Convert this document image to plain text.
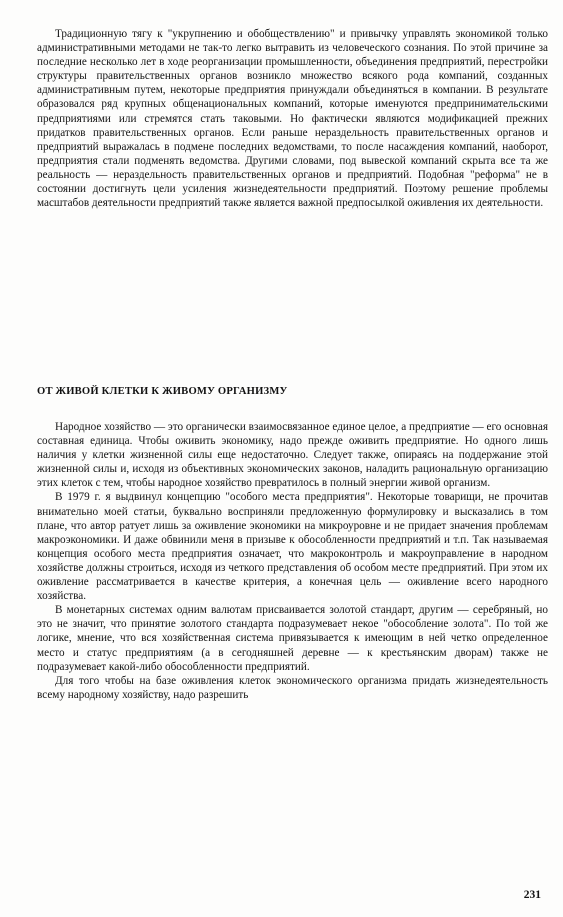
Традиционную тягу к "укрупнению и обобществлению" и привычку управлять экономикой только административными методами не так-то легко вытравить из человеческого сознания. По этой причине за последние несколько лет в ходе реорганизации промышленности, объединения предприятий, перестройки структуры правительственных органов возникло множество всякого рода компаний, созданных административным путем, некоторые предприятия принуждали объединяться в компании. В результате образовался ряд крупных общенациональных компаний, которые именуются предпринимательскими предприятиями или стремятся стать таковыми. Но фактически являются модификацией прежних придатков правительственных органов. Если раньше нераздельность правительственных органов и предприятий выражалась в подмене последних ведомствами, то после насаждения компаний, наоборот, предприятия стали подменять ведомства. Другими словами, под вывеской компаний скрыта все та же реальность — нераздельность правительственных органов и предприятий. Подобная "реформа" не в состоянии достигнуть цели усиления жизнедеятельности предприятий. Поэтому решение проблемы масштабов деятельности предприятий также является важной предпосылкой оживления их деятельности.

ОТ ЖИВОЙ КЛЕТКИ К ЖИВОМУ ОРГАНИЗМУ

Народное хозяйство — это органически взаимосвязанное единое целое, а предприятие — его основная составная единица. Чтобы оживить экономику, надо прежде оживить предприятие. Но одного лишь наличия у клетки жизненной силы еще недостаточно. Следует также, опираясь на поддержание этой жизненной силы и, исходя из объективных экономических законов, наладить рациональную организацию этих клеток с тем, чтобы народное хозяйство превратилось в полный энергии живой организм.

В 1979 г. я выдвинул концепцию "особого места предприятия". Некоторые товарищи, не прочитав внимательно моей статьи, буквально восприняли предложенную формулировку и высказались в том плане, что автор ратует лишь за оживление экономики на микроуровне и не придает значения проблемам макроэкономики. И даже обвинили меня в призыве к обособленности предприятий и т.п. Так называемая концепция особого места предприятия означает, что макроконтроль и макроуправление в народном хозяйстве должны строиться, исходя из четкого представления об особом месте предприятий. При этом их оживление рассматривается в качестве критерия, а конечная цель — оживление всего народного хозяйства.

В монетарных системах одним валютам присваивается золотой стандарт, другим — серебряный, но это не значит, что принятие золотого стандарта подразумевает некое "обособление золота". По той же логике, мнение, что вся хозяйственная система привязывается к имеющим в ней четко определенное место и статус предприятиям (а в сегодняшней деревне — к крестьянским дворам) также не подразумевает какой-либо обособленности предприятий.

Для того чтобы на базе оживления клеток экономического организма придать жизнедеятельность всему народному хозяйству, надо разрешить

231
